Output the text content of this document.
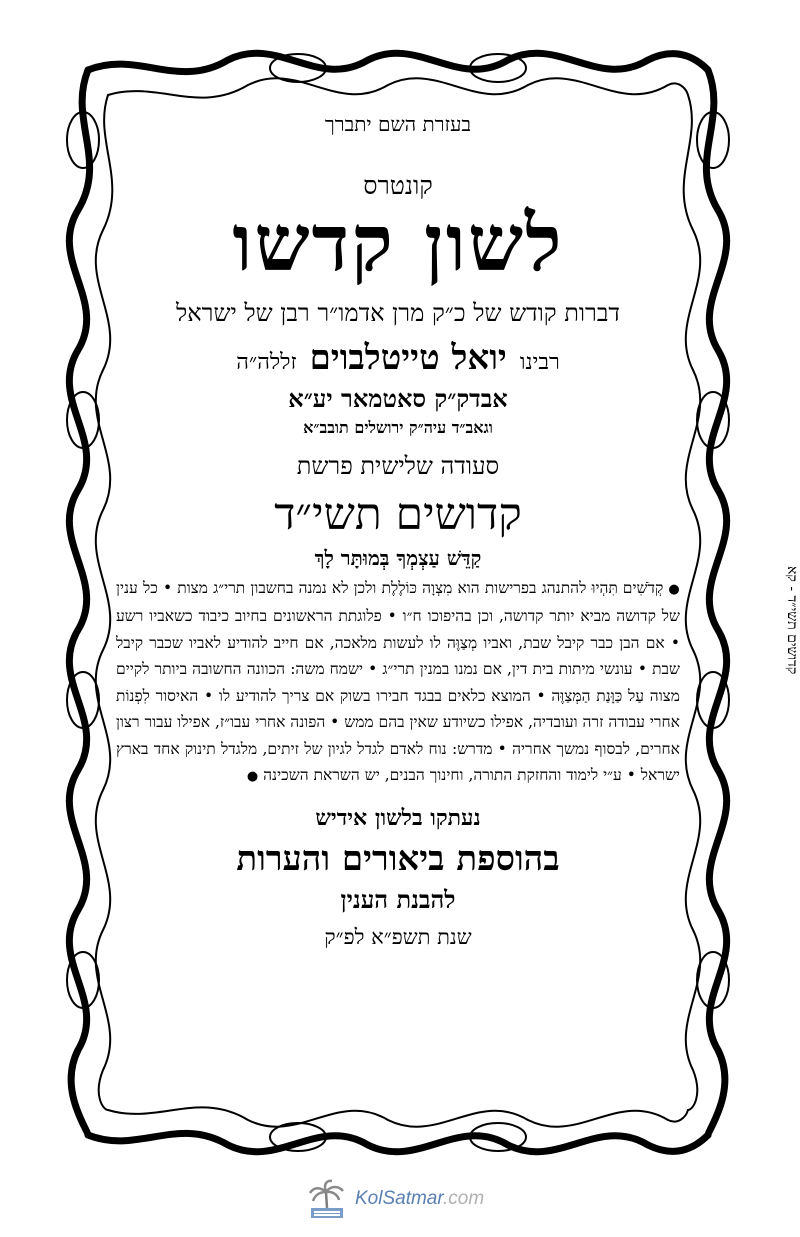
בעזרת השם יתברך

קונטרס

לשון קדשו

דברות קודש של כ״ק מרן אדמו״ר רבן של ישראל

רבינו יואל טייטלבוים זללה״ה

אבדק״ק סאטמאר יע״א

וגאב״ד עיה״ק ירושלים תובב״א

סעודה שלישית פרשת

קדושים תשי״ד

קַדֵּשׁ עַצְמְךָ בְּמוּתָּר לָךְ

● קְדֹשִׁים תִּהְיוּ להתנהג בפרישות הוא מִצְוָה כּוֹלֶלֶת ולכן לא נמנה בחשבון תרי״ג מצות • כל ענין של קדושה מביא יותר קדושה, וכן בהיפוכו ח״ו • פלוגתת הראשונים בחיוב כיבוד כשאביו רשע • אם הבן כבר קיבל שבת, ואביו מְצַוֶּה לו לעשות מלאכה, אם חייב להודיע לאביו שכבר קיבל שבת • עונשי מיתות בית דין, אם נמנו במנין תרי״ג • ישמח משה: הכוונה החשובה ביותר לקיים מצוה עַל כַּוָּנַת הַמְּצַוֶּה • המוצא כלאים בבגד חבירו בשוק אם צריך להודיע לו • האיסור לִפְנוֹת אחרי עבודה זרה ועובדיה, אפילו כשיודע שאין בהם ממש • הפונה אחרי עבו״ז, אפילו עבור רצון אחרים, לבסוף נמשך אחריה • מדרש: נוח לאדם לגדל לגיון של זיתים, מלגדל תינוק אחד בארץ ישראל • ע״י לימוד והחזקת התורה, וחינוך הבנים, יש השראת השכינה ●

נעתקו בלשון אידיש

בהוספת ביאורים והערות

להבנת הענין

שנת תשפ״א לפ״ק

קדושים תשי״ד - קא
KolSatmar.com
